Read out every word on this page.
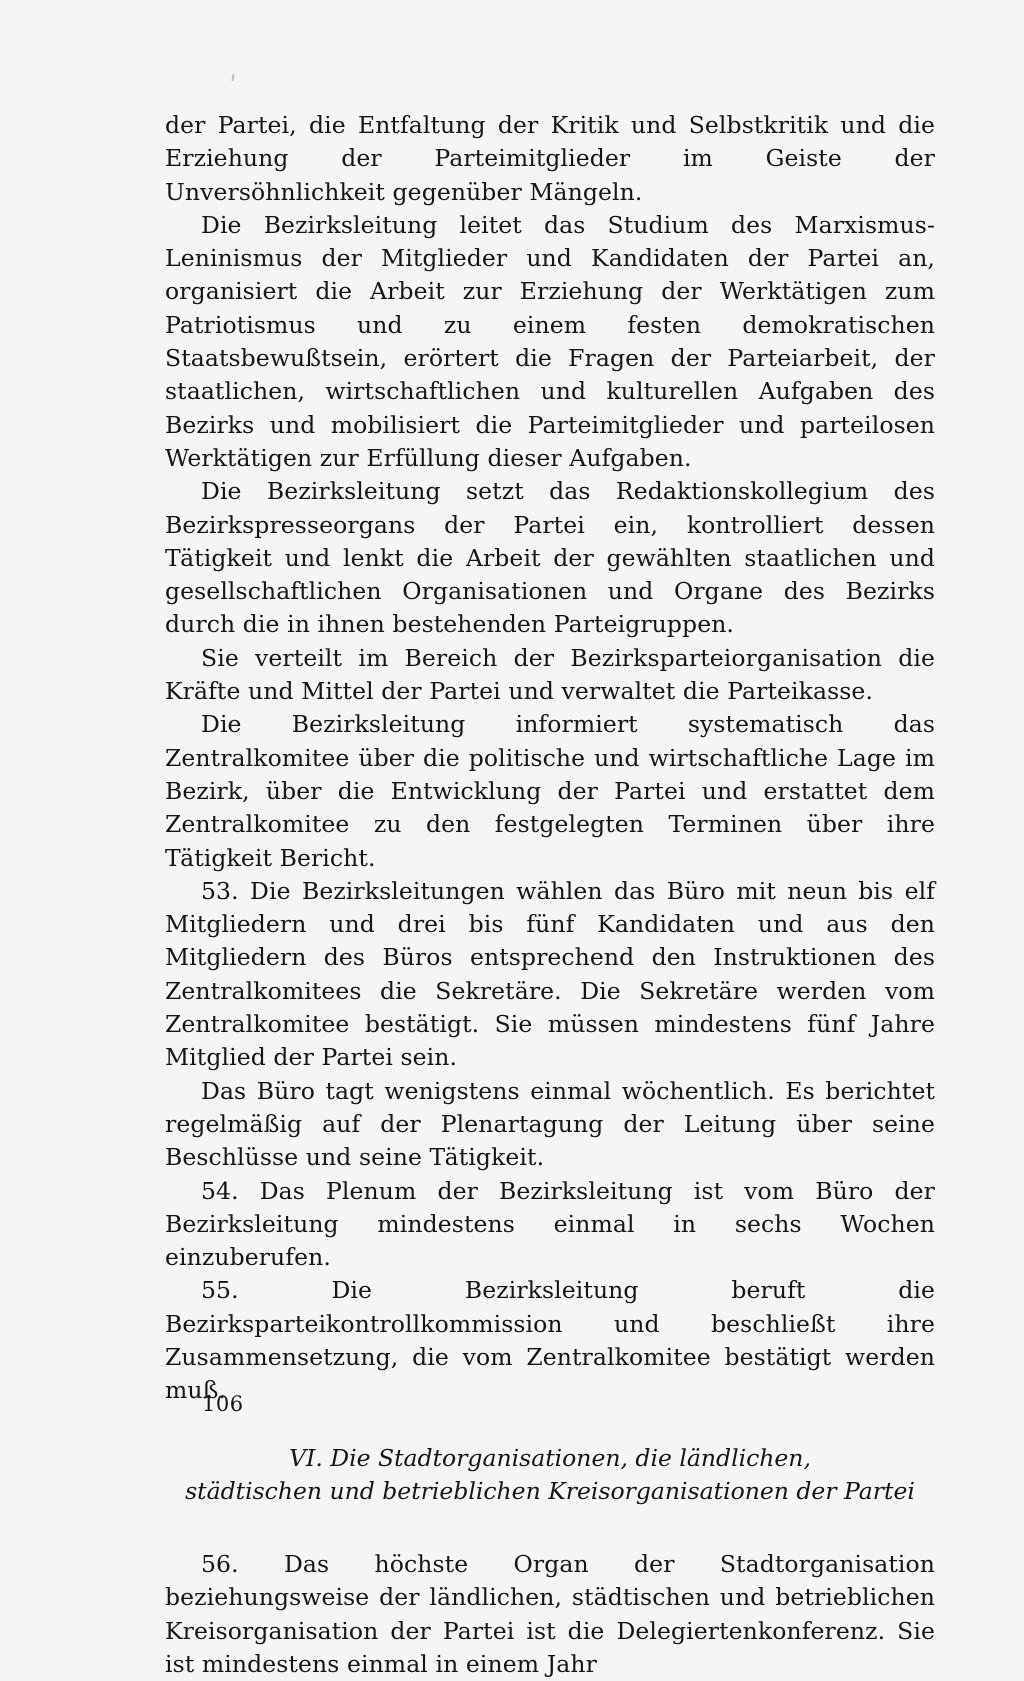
der Partei, die Entfaltung der Kritik und Selbstkritik und die Erziehung der Parteimitglieder im Geiste der Unversöhnlichkeit gegenüber Mängeln.

Die Bezirksleitung leitet das Studium des Marxismus-Leninismus der Mitglieder und Kandidaten der Partei an, organisiert die Arbeit zur Erziehung der Werktätigen zum Patriotismus und zu einem festen demokratischen Staatsbewußtsein, erörtert die Fragen der Parteiarbeit, der staatlichen, wirtschaftlichen und kulturellen Aufgaben des Bezirks und mobilisiert die Parteimitglieder und parteilosen Werktätigen zur Erfüllung dieser Aufgaben.

Die Bezirksleitung setzt das Redaktionskollegium des Bezirkspresseorgans der Partei ein, kontrolliert dessen Tätigkeit und lenkt die Arbeit der gewählten staatlichen und gesellschaftlichen Organisationen und Organe des Bezirks durch die in ihnen bestehenden Parteigruppen.

Sie verteilt im Bereich der Bezirksparteiorganisation die Kräfte und Mittel der Partei und verwaltet die Parteikasse.

Die Bezirksleitung informiert systematisch das Zentralkomitee über die politische und wirtschaftliche Lage im Bezirk, über die Entwicklung der Partei und erstattet dem Zentralkomitee zu den festgelegten Terminen über ihre Tätigkeit Bericht.

53. Die Bezirksleitungen wählen das Büro mit neun bis elf Mitgliedern und drei bis fünf Kandidaten und aus den Mitgliedern des Büros entsprechend den Instruktionen des Zentralkomitees die Sekretäre. Die Sekretäre werden vom Zentralkomitee bestätigt. Sie müssen mindestens fünf Jahre Mitglied der Partei sein.

Das Büro tagt wenigstens einmal wöchentlich. Es berichtet regelmäßig auf der Plenartagung der Leitung über seine Beschlüsse und seine Tätigkeit.

54. Das Plenum der Bezirksleitung ist vom Büro der Bezirksleitung mindestens einmal in sechs Wochen einzuberufen.

55. Die Bezirksleitung beruft die Bezirksparteikontrollkommission und beschließt ihre Zusammensetzung, die vom Zentralkomitee bestätigt werden muß.

VI. Die Stadtorganisationen, die ländlichen,
städtischen und betrieblichen Kreisorganisationen der Partei

56. Das höchste Organ der Stadtorganisation beziehungsweise der ländlichen, städtischen und betrieblichen Kreisorganisation der Partei ist die Delegiertenkonferenz. Sie ist mindestens einmal in einem Jahr

106
